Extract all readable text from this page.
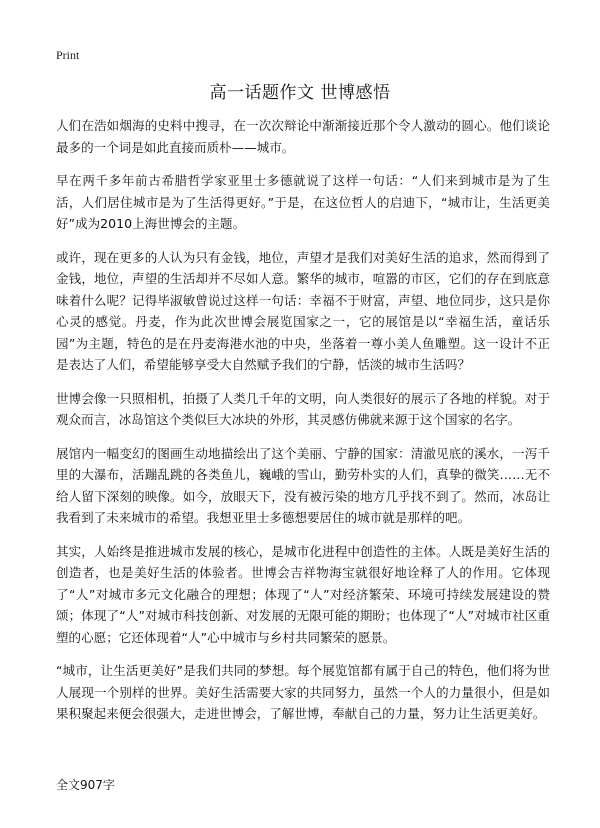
Print
高一话题作文 世博感悟

人们在浩如烟海的史料中搜寻，在一次次辩论中渐渐接近那个令人激动的圆心。他们谈论最多的一个词是如此直接而质朴——城市。

早在两千多年前古希腊哲学家亚里士多德就说了这样一句话：“人们来到城市是为了生活，人们居住城市是为了生活得更好。”于是，在这位哲人的启迪下，“城市让，生活更美好”成为2010上海世博会的主题。

或许，现在更多的人认为只有金钱，地位，声望才是我们对美好生活的追求，然而得到了金钱，地位，声望的生活却并不尽如人意。繁华的城市，喧嚣的市区，它们的存在到底意味着什么呢？记得毕淑敏曾说过这样一句话：幸福不于财富，声望、地位同步，这只是你心灵的感觉。丹麦，作为此次世博会展览国家之一，它的展馆是以“幸福生活，童话乐园”为主题，特色的是在丹麦海港水池的中央，坐落着一尊小美人鱼雕塑。这一设计不正是表达了人们，希望能够享受大自然赋予我们的宁静，恬淡的城市生活吗？

世博会像一只照相机，拍摄了人类几千年的文明，向人类很好的展示了各地的样貌。对于观众而言，冰岛馆这个类似巨大冰块的外形，其灵感仿佛就来源于这个国家的名字。

展馆内一幅变幻的图画生动地描绘出了这个美丽、宁静的国家：清澈见底的溪水，一泻千里的大瀑布，活蹦乱跳的各类鱼儿，巍峨的雪山，勤劳朴实的人们，真挚的微笑……无不给人留下深刻的映像。如今，放眼天下，没有被污染的地方几乎找不到了。然而，冰岛让我看到了未来城市的希望。我想亚里士多德想要居住的城市就是那样的吧。

其实，人始终是推进城市发展的核心，是城市化进程中创造性的主体。人既是美好生活的创造者，也是美好生活的体验者。世博会吉祥物海宝就很好地诠释了人的作用。它体现了“人”对城市多元文化融合的理想；体现了“人”对经济繁荣、环境可持续发展建设的赞颂；体现了“人”对城市科技创新、对发展的无限可能的期盼；也体现了“人”对城市社区重塑的心愿；它还体现着“人”心中城市与乡村共同繁荣的愿景。

“城市，让生活更美好”是我们共同的梦想。每个展览馆都有属于自己的特色，他们将为世人展现一个别样的世界。美好生活需要大家的共同努力，虽然一个人的力量很小，但是如果积聚起来便会很强大，走进世博会，了解世博，奉献自己的力量，努力让生活更美好。

全文907字
